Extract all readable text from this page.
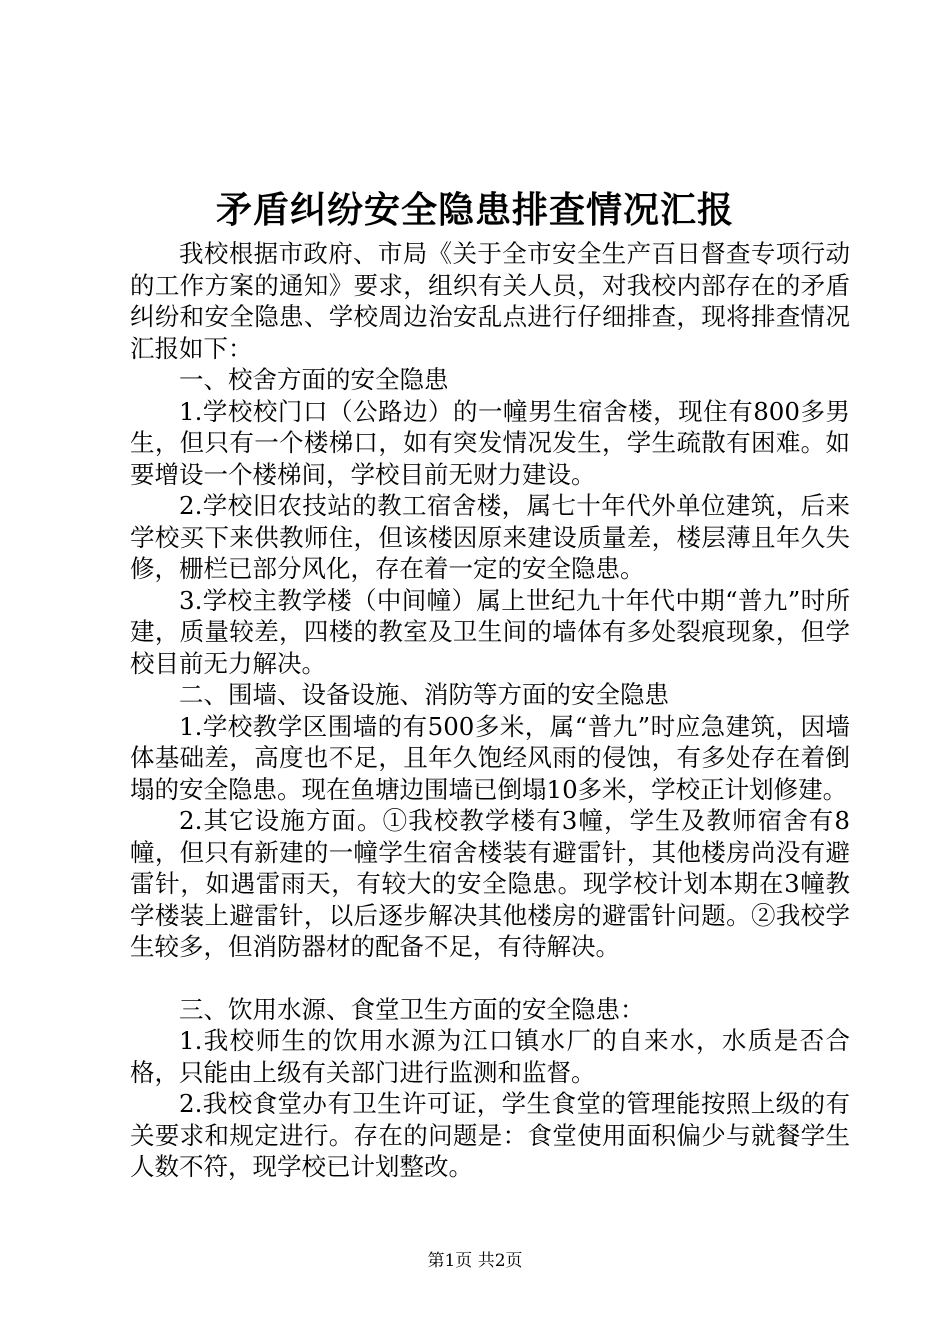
矛盾纠纷安全隐患排查情况汇报

我校根据市政府、市局《关于全市安全生产百日督查专项行动的工作方案的通知》要求，组织有关人员，对我校内部存在的矛盾纠纷和安全隐患、学校周边治安乱点进行仔细排查，现将排查情况汇报如下：

一、校舍方面的安全隐患

1.学校校门口（公路边）的一幢男生宿舍楼，现住有800多男生，但只有一个楼梯口，如有突发情况发生，学生疏散有困难。如要增设一个楼梯间，学校目前无财力建设。

2.学校旧农技站的教工宿舍楼，属七十年代外单位建筑，后来学校买下来供教师住，但该楼因原来建设质量差，楼层薄且年久失修，栅栏已部分风化，存在着一定的安全隐患。

3.学校主教学楼（中间幢）属上世纪九十年代中期“普九”时所建，质量较差，四楼的教室及卫生间的墙体有多处裂痕现象，但学校目前无力解决。

二、围墙、设备设施、消防等方面的安全隐患

1.学校教学区围墙的有500多米，属“普九”时应急建筑，因墙体基础差，高度也不足，且年久饱经风雨的侵蚀，有多处存在着倒塌的安全隐患。现在鱼塘边围墙已倒塌10多米，学校正计划修建。

2.其它设施方面。①我校教学楼有3幢，学生及教师宿舍有8幢，但只有新建的一幢学生宿舍楼装有避雷针，其他楼房尚没有避雷针，如遇雷雨天，有较大的安全隐患。现学校计划本期在3幢教学楼装上避雷针，以后逐步解决其他楼房的避雷针问题。②我校学生较多，但消防器材的配备不足，有待解决。

三、饮用水源、食堂卫生方面的安全隐患：

1.我校师生的饮用水源为江口镇水厂的自来水，水质是否合格，只能由上级有关部门进行监测和监督。

2.我校食堂办有卫生许可证，学生食堂的管理能按照上级的有关要求和规定进行。存在的问题是：食堂使用面积偏少与就餐学生人数不符，现学校已计划整改。

第1页 共2页
